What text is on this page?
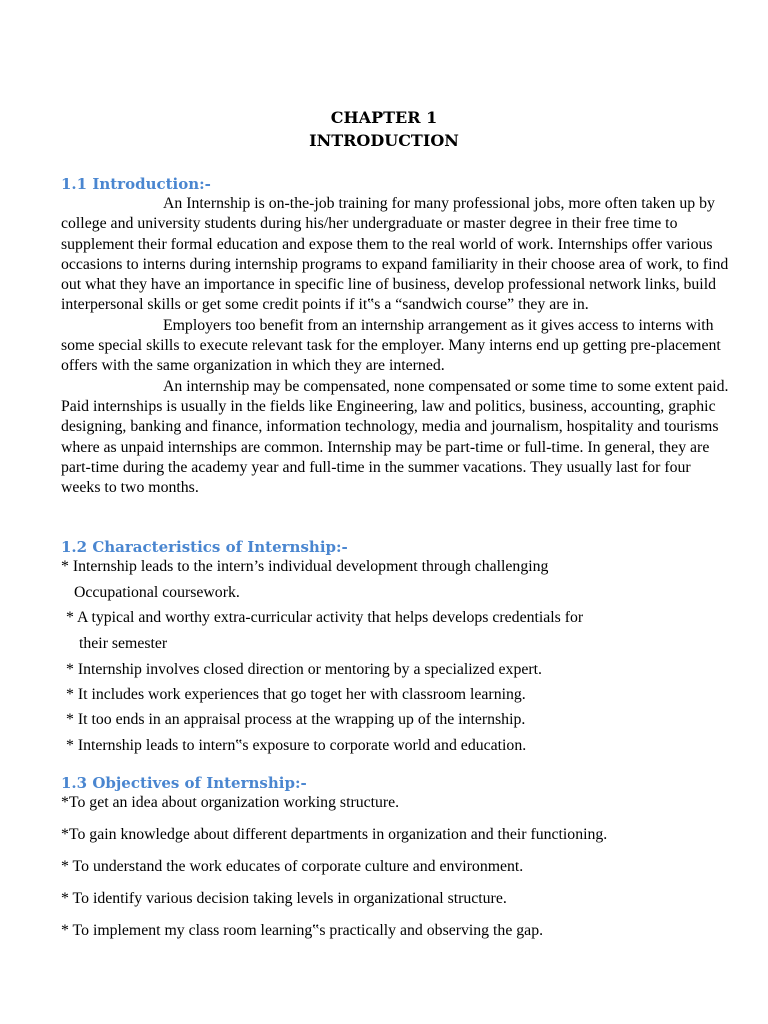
CHAPTER 1
INTRODUCTION
1.1 Introduction:-

An Internship is on-the-job training for many professional jobs, more often taken up by college and university students during his/her undergraduate or master degree in their free time to supplement their formal education and expose them to the real world of work. Internships offer various occasions to interns during internship programs to expand familiarity in their choose area of work, to find out what they have an importance in specific line of business, develop professional network links, build interpersonal skills or get some credit points if it‟s a “sandwich course” they are in.

Employers too benefit from an internship arrangement as it gives access to interns with some special skills to execute relevant task for the employer. Many interns end up getting pre-placement offers with the same organization in which they are interned.

An internship may be compensated, none compensated or some time to some extent paid. Paid internships is usually in the fields like Engineering, law and politics, business, accounting, graphic designing, banking and finance, information technology, media and journalism, hospitality and tourisms where as unpaid internships are common. Internship may be part-time or full-time. In general, they are part-time during the academy year and full-time in the summer vacations. They usually last for four weeks to two months.

1.2 Characteristics of Internship:-
* Internship leads to the intern’s individual development through challenging
Occupational coursework.
* A typical and worthy extra-curricular activity that helps develops credentials for
their semester
* Internship involves closed direction or mentoring by a specialized expert.
* It includes work experiences that go toget her with classroom learning.
* It too ends in an appraisal process at the wrapping up of the internship.
* Internship leads to intern‟s exposure to corporate world and education.
1.3 Objectives of Internship:-
*To get an idea about organization working structure.
*To gain knowledge about different departments in organization and their functioning.
* To understand the work educates of corporate culture and environment.
* To identify various decision taking levels in organizational structure.
* To implement my class room learning‟s practically and observing the gap.
